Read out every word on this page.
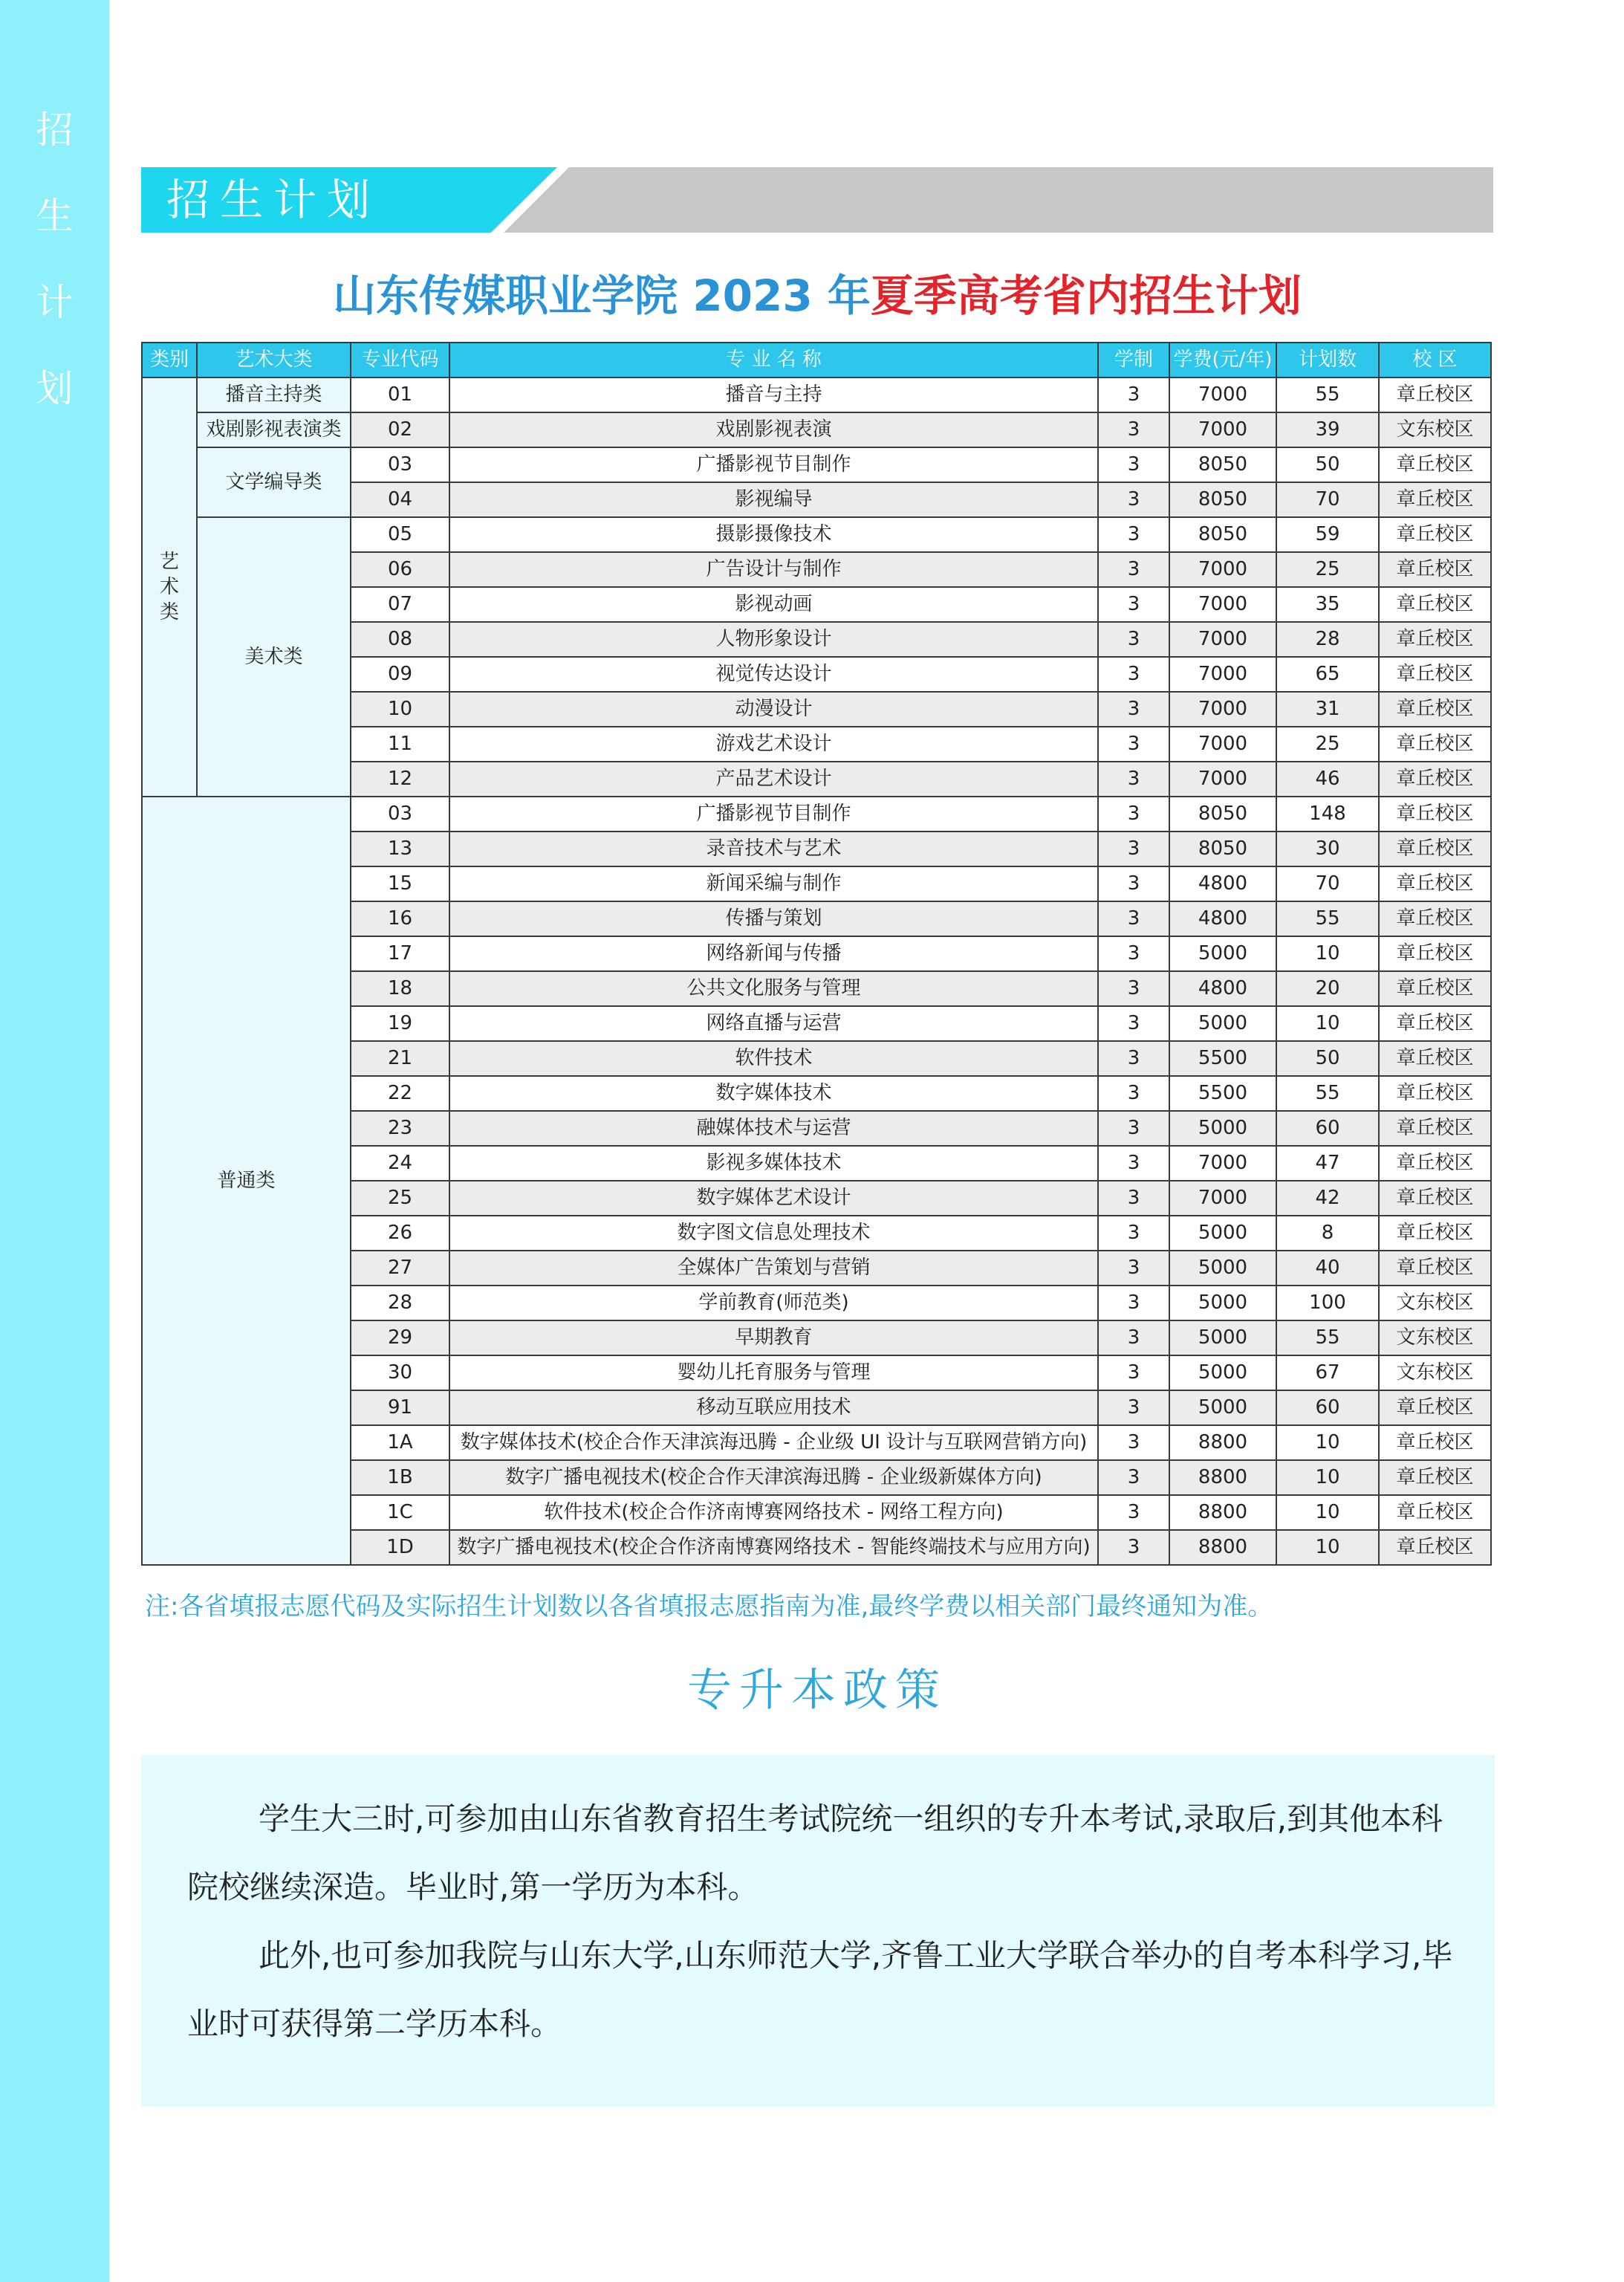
招
生
计
划
招生计划
山东传媒职业学院 2023 年夏季高考省内招生计划
类别	艺术大类	专业代码	专 业 名 称	学制	学费(元/年)	计划数	校 区

艺
术
类	播音主持类	01	播音与主持	3	7000	55	章丘校区
	戏剧影视表演类	02	戏剧影视表演	3	7000	39	文东校区
	文学编导类	03	广播影视节目制作	3	8050	50	章丘校区
		04	影视编导	3	8050	70	章丘校区
	美术类	05	摄影摄像技术	3	8050	59	章丘校区
		06	广告设计与制作	3	7000	25	章丘校区
		07	影视动画	3	7000	35	章丘校区
		08	人物形象设计	3	7000	28	章丘校区
		09	视觉传达设计	3	7000	65	章丘校区
		10	动漫设计	3	7000	31	章丘校区
		11	游戏艺术设计	3	7000	25	章丘校区
		12	产品艺术设计	3	7000	46	章丘校区
普通类		03	广播影视节目制作	3	8050	148	章丘校区
		13	录音技术与艺术	3	8050	30	章丘校区
		15	新闻采编与制作	3	4800	70	章丘校区
		16	传播与策划	3	4800	55	章丘校区
		17	网络新闻与传播	3	5000	10	章丘校区
		18	公共文化服务与管理	3	4800	20	章丘校区
		19	网络直播与运营	3	5000	10	章丘校区
		21	软件技术	3	5500	50	章丘校区
		22	数字媒体技术	3	5500	55	章丘校区
		23	融媒体技术与运营	3	5000	60	章丘校区
		24	影视多媒体技术	3	7000	47	章丘校区
		25	数字媒体艺术设计	3	7000	42	章丘校区
		26	数字图文信息处理技术	3	5000	8	章丘校区
		27	全媒体广告策划与营销	3	5000	40	章丘校区
		28	学前教育(师范类)	3	5000	100	文东校区
		29	早期教育	3	5000	55	文东校区
		30	婴幼儿托育服务与管理	3	5000	67	文东校区
		91	移动互联应用技术	3	5000	60	章丘校区
		1A	数字媒体技术(校企合作天津滨海迅腾 - 企业级 UI 设计与互联网营销方向)	3	8800	10	章丘校区
		1B	数字广播电视技术(校企合作天津滨海迅腾 - 企业级新媒体方向)	3	8800	10	章丘校区
		1C	软件技术(校企合作济南博赛网络技术 - 网络工程方向)	3	8800	10	章丘校区
		1D	数字广播电视技术(校企合作济南博赛网络技术 - 智能终端技术与应用方向)	3	8800	10	章丘校区
注:各省填报志愿代码及实际招生计划数以各省填报志愿指南为准,最终学费以相关部门最终通知为准。
专升本政策

学生大三时,可参加由山东省教育招生考试院统一组织的专升本考试,录取后,到其他本科院校继续深造。毕业时,第一学历为本科。

此外,也可参加我院与山东大学,山东师范大学,齐鲁工业大学联合举办的自考本科学习,毕业时可获得第二学历本科。
